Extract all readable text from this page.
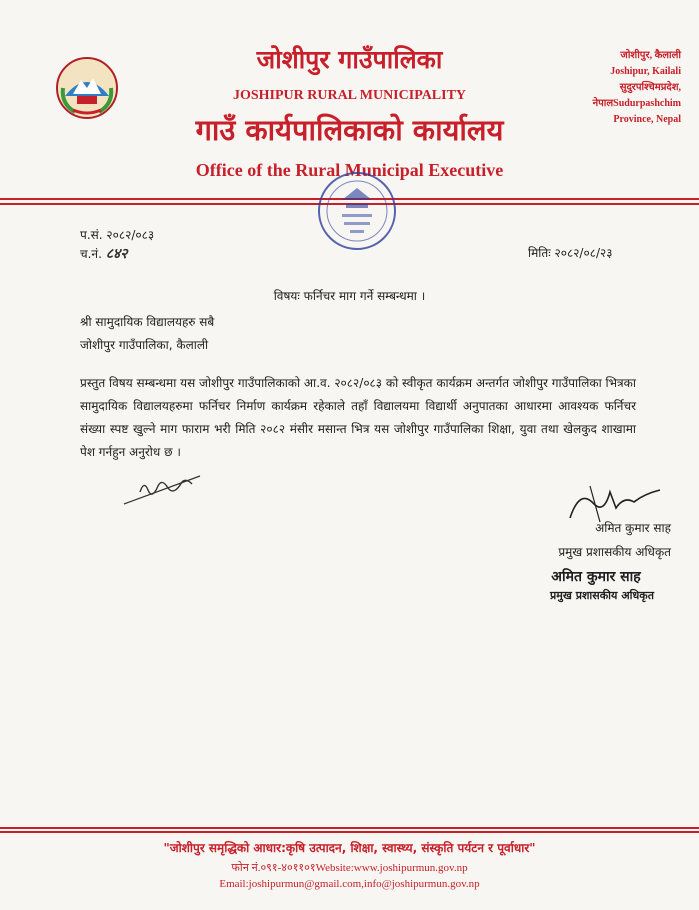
जोशीपुर गाउँपालिका
JOSHIPUR RURAL MUNICIPALITY
गाउँ कार्यपालिकाको कार्यालय
Office of the Rural Municipal Executive
जोशीपुर, कैलाली
Joshipur, Kailali
सुदुरपश्चिमप्रदेश,
नेपालSudurpashchim
Province, Nepal
प.सं. २०८२/०८३
च.नं. ८४२	मितिः २०८२/०८/२३
विषयः फर्निचर माग गर्ने सम्बन्धमा ।
श्री सामुदायिक विद्यालयहरु सबै
जोशीपुर गाउँपालिका, कैलाली
प्रस्तुत विषय सम्बन्धमा यस जोशीपुर गाउँपालिकाको आ.व. २०८२/०८३ को स्वीकृत कार्यक्रम अन्तर्गत जोशीपुर गाउँपालिका भित्रका सामुदायिक विद्यालयहरुमा फर्निचर निर्माण कार्यक्रम रहेकाले तहाँ विद्यालयमा विद्यार्थी अनुपातका आधारमा आवश्यक फर्निचर संख्या स्पष्ट खुल्ने माग फाराम भरी मिति २०८२ मंसीर मसान्त भित्र यस जोशीपुर गाउँपालिका शिक्षा, युवा तथा खेलकुद शाखामा पेश गर्नहुन अनुरोध छ ।
अमित कुमार साह
प्रमुख प्रशासकीय अधिकृत
अमित कुमार साह
प्रमुख प्रशासकीय अधिकृत
"जोशीपुर समृद्धिको आधार:कृषि उत्पादन, शिक्षा, स्वास्थ्य, संस्कृति पर्यटन र पूर्वाधार"
फोन नं.०९१-४०११०१Website:www.joshipurmun.gov.np
Email:joshipurmun@gmail.com,info@joshipurmun.gov.np
